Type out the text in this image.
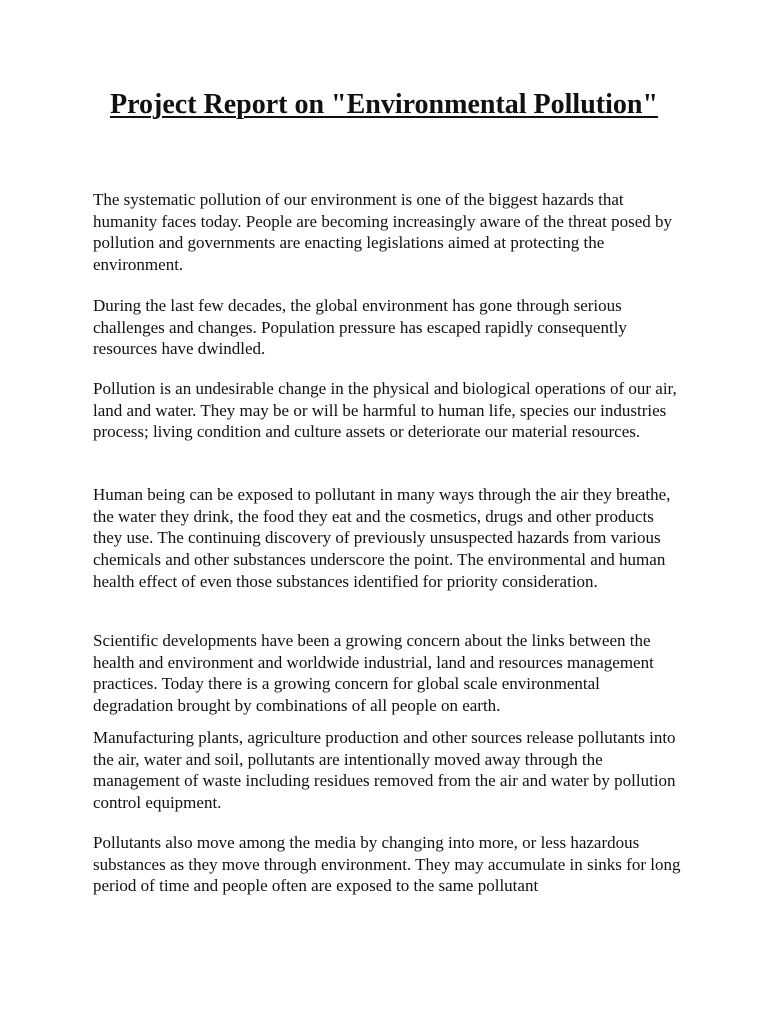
Project Report on "Environmental Pollution"

The systematic pollution of our environment is one of the biggest hazards that humanity faces today. People are becoming increasingly aware of the threat posed by pollution and governments are enacting legislations aimed at protecting the environment.

During the last few decades, the global environment has gone through serious challenges and changes. Population pressure has escaped rapidly consequently resources have dwindled.

Pollution is an undesirable change in the physical and biological operations of our air, land and water. They may be or will be harmful to human life, species our industries process; living condition and culture assets or deteriorate our material resources.

Human being can be exposed to pollutant in many ways through the air they breathe, the water they drink, the food they eat and the cosmetics, drugs and other products they use. The continuing discovery of previously unsuspected hazards from various chemicals and other substances underscore the point. The environmental and human health effect of even those substances identified for priority consideration.

Scientific developments have been a growing concern about the links between the health and environment and worldwide industrial, land and resources management practices. Today there is a growing concern for global scale environmental degradation brought by combinations of all people on earth.

Manufacturing plants, agriculture production and other sources release pollutants into the air, water and soil, pollutants are intentionally moved away through the management of waste including residues removed from the air and water by pollution control equipment.

Pollutants also move among the media by changing into more, or less hazardous substances as they move through environment. They may accumulate in sinks for long period of time and people often are exposed to the same pollutant
